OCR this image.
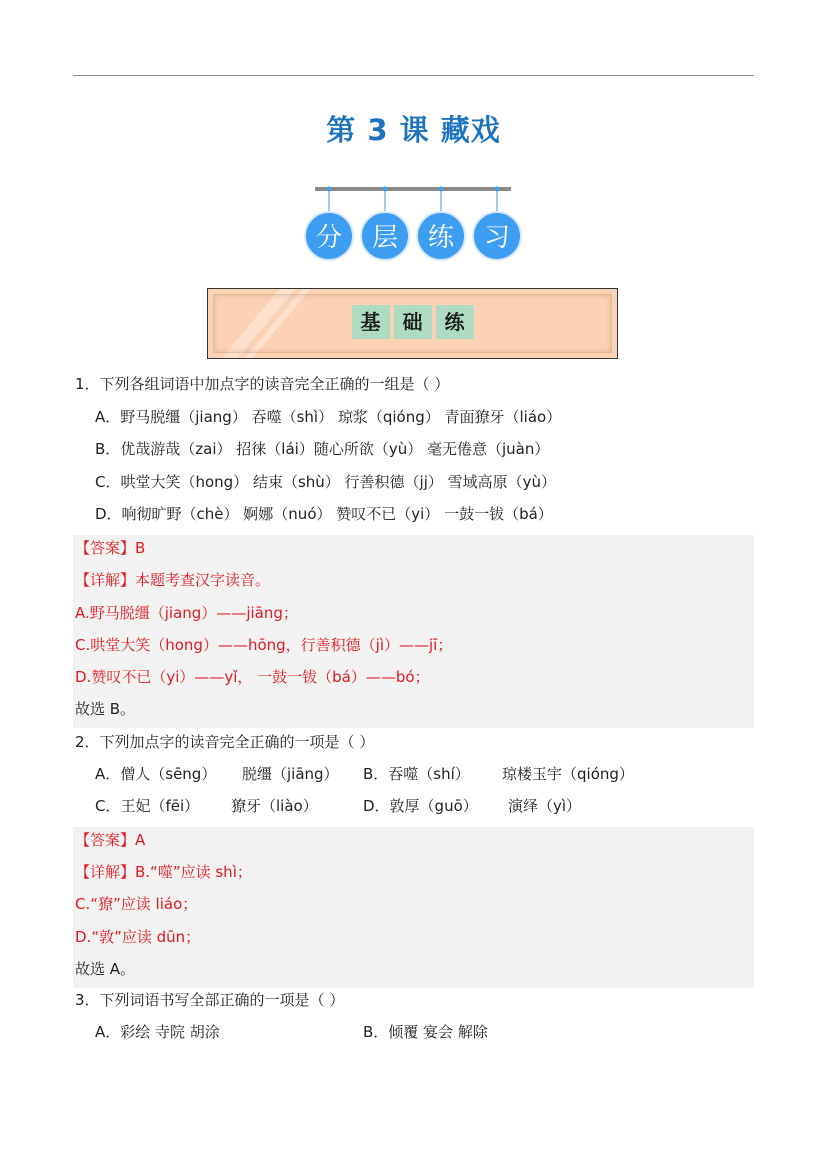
第 3 课 藏戏
分 层 练 习
基 础 练
1．下列各组词语中加点字的读音完全正确的一组是（ ）
A．野马脱缰（jiang） 吞噬（shì） 琼浆（qióng） 青面獠牙（liáo）
B．优哉游哉（zai） 招徕（lái）随心所欲（yù） 毫无倦意（juàn）
C．哄堂大笑（hong） 结束（shù） 行善积德（jj） 雪域高原（yù）
D．响彻旷野（chè） 婀娜（nuó） 赞叹不已（yi） 一鼓一钹（bá）
【答案】B
【详解】本题考查汉字读音。
A.野马脱缰（jiang）——jiāng；
C.哄堂大笑（hong）——hōng，行善积德（jì）——jī；
D.赞叹不已（yi）——yǐ， 一鼓一钹（bá）——bó；
故选 B。
2．下列加点字的读音完全正确的一项是（ ）
A．僧人（sēng） 脱缰（jiāng） B．吞噬（shí） 琼楼玉宇（qióng）
C．王妃（fēi） 獠牙（liào）	D．敦厚（guō） 演绎（yì）
【答案】A
【详解】B.“噬”应读 shì；
C.“獠”应读 liáo；
D.“敦”应读 dūn；
故选 A。
3．下列词语书写全部正确的一项是（ ）
A．彩绘 寺院 胡涂	B．倾覆 宴会 解除
